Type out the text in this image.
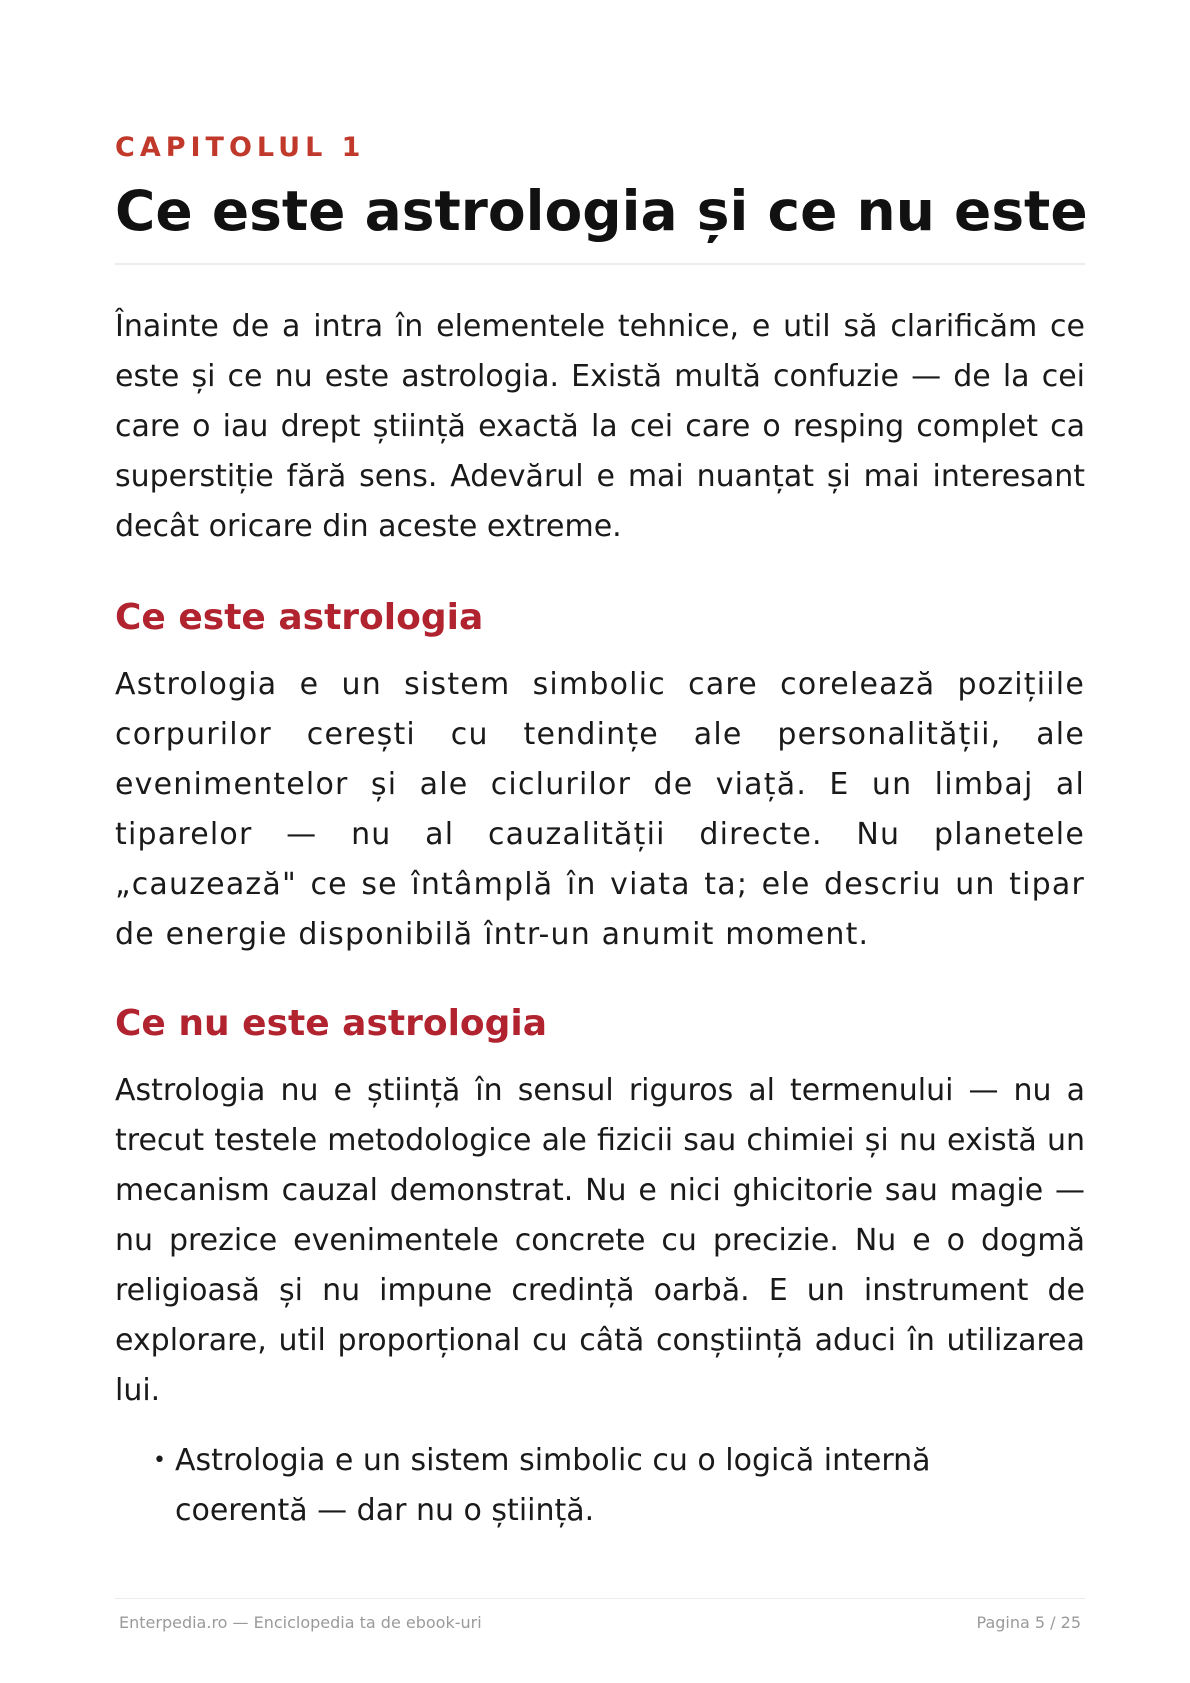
CAPITOLUL 1

Ce este astrologia și ce nu este

Înainte de a intra în elementele tehnice, e util să clarificăm ce este și ce nu este astrologia. Există multă confuzie — de la cei care o iau drept știință exactă la cei care o resping complet ca superstiție fără sens. Adevărul e mai nuanțat și mai interesant decât oricare din aceste extreme.

Ce este astrologia

Astrologia e un sistem simbolic care corelează pozițiile corpurilor cerești cu tendințe ale personalității, ale evenimentelor și ale ciclurilor de viață. E un limbaj al tiparelor — nu al cauzalității directe. Nu planetele „cauzează" ce se întâmplă în viata ta; ele descriu un tipar de energie disponibilă într-un anumit moment.

Ce nu este astrologia

Astrologia nu e știință în sensul riguros al termenului — nu a trecut testele metodologice ale fizicii sau chimiei și nu există un mecanism cauzal demonstrat. Nu e nici ghicitorie sau magie — nu prezice evenimentele concrete cu precizie. Nu e o dogmă religioasă și nu impune credință oarbă. E un instrument de explorare, util proporțional cu câtă conștiință aduci în utilizarea lui.

• Astrologia e un sistem simbolic cu o logică internă coerentă — dar nu o știință.

Enterpedia.ro — Enciclopedia ta de ebook-uri	Pagina 5 / 25
